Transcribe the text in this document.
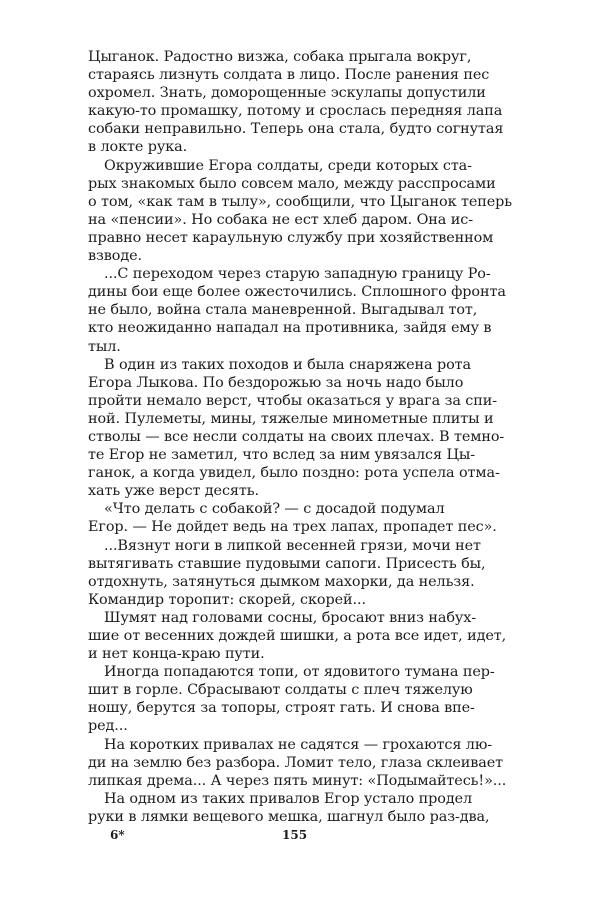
Цыганок. Радостно визжа, собака прыгала вокруг,
стараясь лизнуть солдата в лицо. После ранения пес
охромел. Знать, доморощенные эскулапы допустили
какую-то промашку, потому и срослась передняя лапа
собаки неправильно. Теперь она стала, будто согнутая
в локте рука.
Окружившие Егора солдаты, среди которых ста-
рых знакомых было совсем мало, между расспросами
о том, «как там в тылу», сообщили, что Цыганок теперь
на «пенсии». Но собака не ест хлеб даром. Она ис-
правно несет караульную службу при хозяйственном
взводе.
...С переходом через старую западную границу Ро-
дины бои еще более ожесточились. Сплошного фронта
не было, война стала маневренной. Выгадывал тот,
кто неожиданно нападал на противника, зайдя ему в
тыл.
В один из таких походов и была снаряжена рота
Егора Лыкова. По бездорожью за ночь надо было
пройти немало верст, чтобы оказаться у врага за спи-
ной. Пулеметы, мины, тяжелые минометные плиты и
стволы — все несли солдаты на своих плечах. В темно-
те Егор не заметил, что вслед за ним увязался Цы-
ганок, а когда увидел, было поздно: рота успела отма-
хать уже верст десять.
«Что делать с собакой? — с досадой подумал
Егор. — Не дойдет ведь на трех лапах, пропадет пес».
...Вязнут ноги в липкой весенней грязи, мочи нет
вытягивать ставшие пудовыми сапоги. Присесть бы,
отдохнуть, затянуться дымком махорки, да нельзя.
Командир торопит: скорей, скорей...
Шумят над головами сосны, бросают вниз набух-
шие от весенних дождей шишки, а рота все идет, идет,
и нет конца-краю пути.
Иногда попадаются топи, от ядовитого тумана пер-
шит в горле. Сбрасывают солдаты с плеч тяжелую
ношу, берутся за топоры, строят гать. И снова впе-
ред...
На коротких привалах не садятся — грохаются лю-
ди на землю без разбора. Ломит тело, глаза склеивает
липкая дрема... А через пять минут: «Подымайтесь!»...
На одном из таких привалов Егор устало продел
руки в лямки вещевого мешка, шагнул было раз-два,
6*	155
